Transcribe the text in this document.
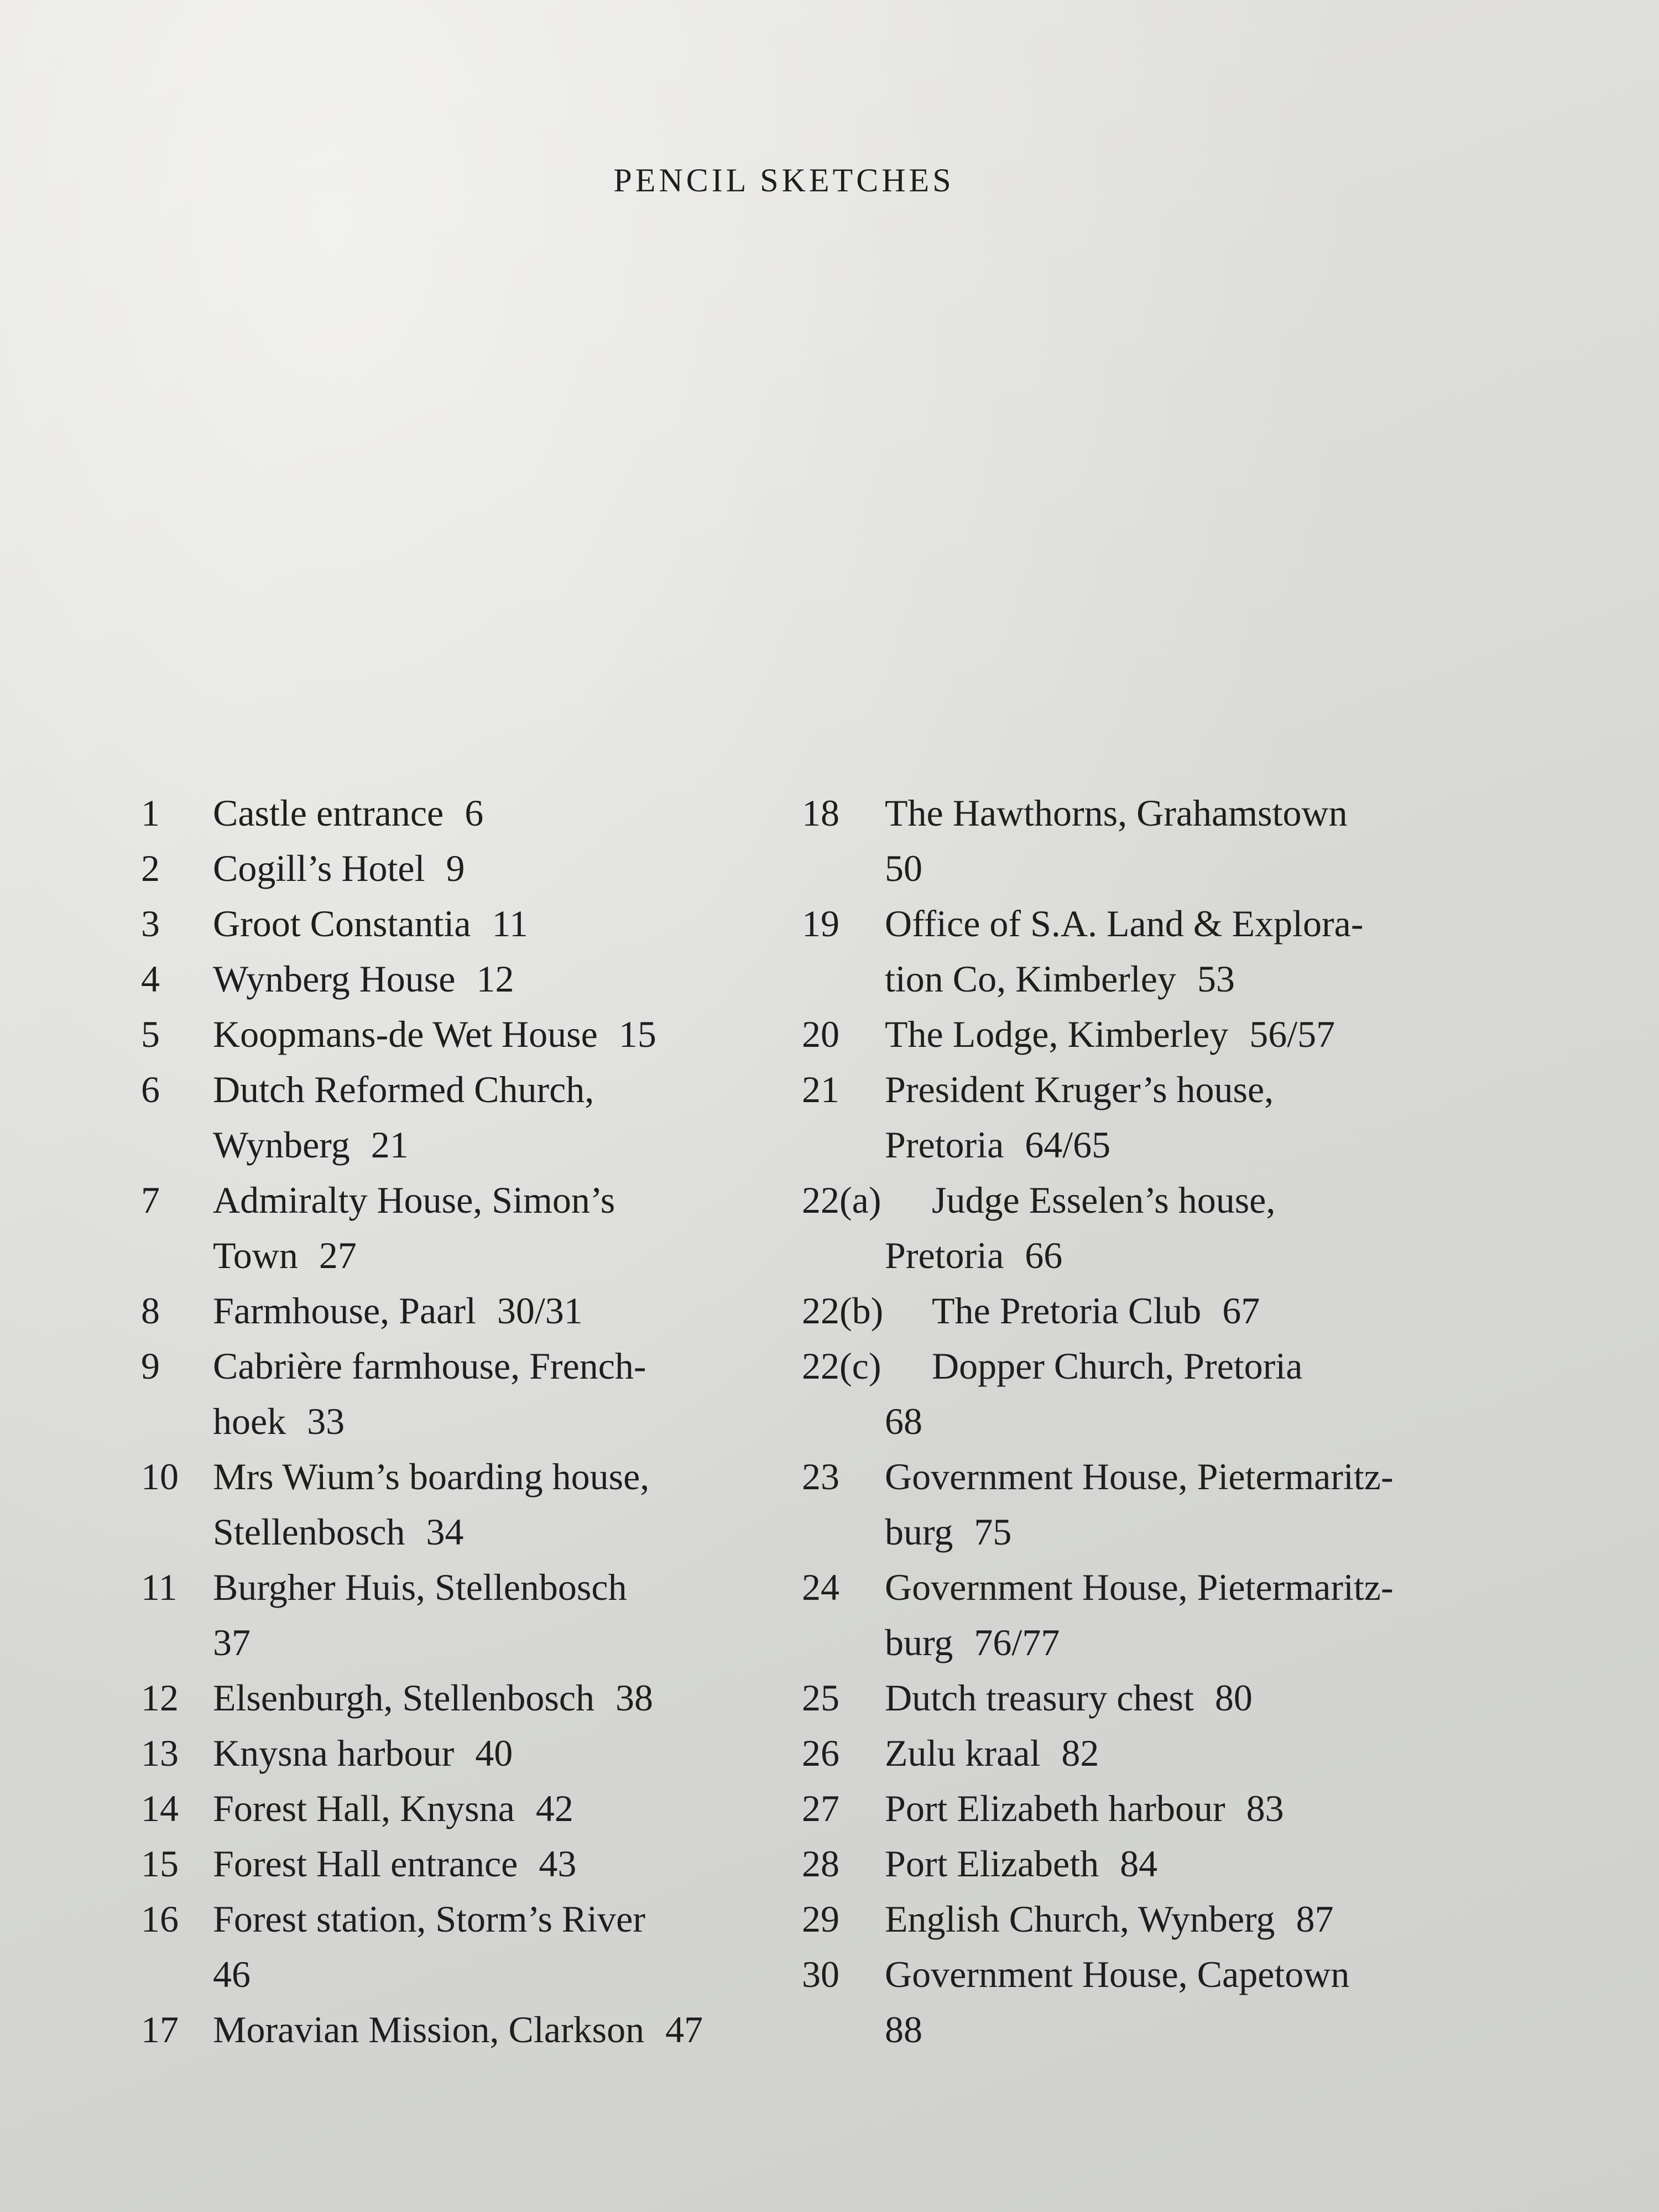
PENCIL SKETCHES
1 Castle entrance 6
2 Cogill’s Hotel 9
3 Groot Constantia 11
4 Wynberg House 12
5 Koopmans-de Wet House 15
6 Dutch Reformed Church,
Wynberg 21
7 Admiralty House, Simon’s
Town 27
8 Farmhouse, Paarl 30/31
9 Cabrière farmhouse, French-
hoek 33
10 Mrs Wium’s boarding house,
Stellenbosch 34
11 Burgher Huis, Stellenbosch
37
12 Elsenburgh, Stellenbosch 38
13 Knysna harbour 40
14 Forest Hall, Knysna 42
15 Forest Hall entrance 43
16 Forest station, Storm’s River
46
17 Moravian Mission, Clarkson 47
18 The Hawthorns, Grahamstown
50
19 Office of S.A. Land & Explora-
tion Co, Kimberley 53
20 The Lodge, Kimberley 56/57
21 President Kruger’s house,
Pretoria 64/65
22(a) Judge Esselen’s house,
Pretoria 66
22(b) The Pretoria Club 67
22(c) Dopper Church, Pretoria
68
23 Government House, Pietermaritz-
burg 75
24 Government House, Pietermaritz-
burg 76/77
25 Dutch treasury chest 80
26 Zulu kraal 82
27 Port Elizabeth harbour 83
28 Port Elizabeth 84
29 English Church, Wynberg 87
30 Government House, Capetown
88
